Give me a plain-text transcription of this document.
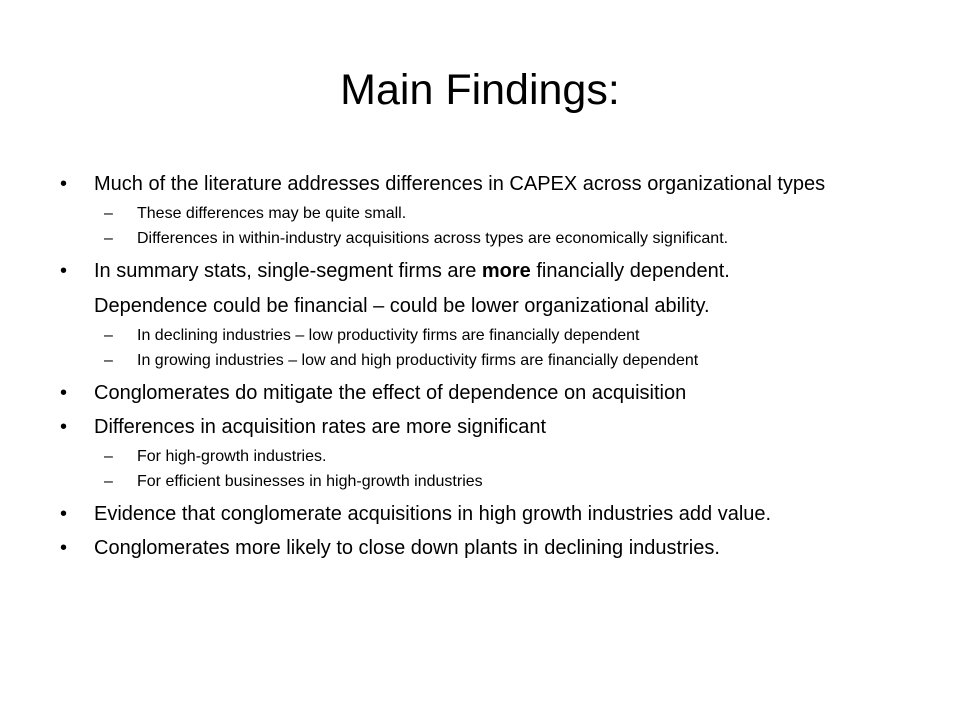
Main Findings:
• Much of the literature addresses differences in CAPEX across organizational types
– These differences may be quite small.
– Differences in within-industry acquisitions across types are economically significant.
• In summary stats, single-segment firms are more financially dependent.
Dependence could be financial – could be lower organizational ability.
– In declining industries – low productivity firms are financially dependent
– In growing industries – low and high productivity firms are financially dependent
• Conglomerates do mitigate the effect of dependence on acquisition
• Differences in acquisition rates are more significant
– For high-growth industries.
– For efficient businesses in high-growth industries
• Evidence that conglomerate acquisitions in high growth industries add value.
• Conglomerates more likely to close down plants in declining industries.
